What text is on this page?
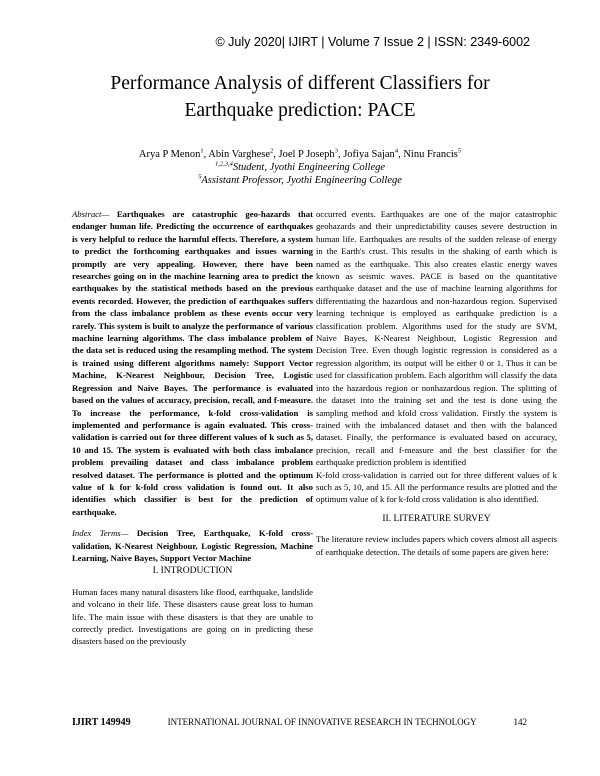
© July 2020| IJIRT | Volume 7 Issue 2 | ISSN: 2349-6002
Performance Analysis of different Classifiers for
Earthquake prediction: PACE
Arya P Menon$^1$, Abin Varghese$^2$, Joel P Joseph$^3$, Jofiya Sajan$^4$, Ninu Francis$^5$
$^{1,2,3,4}$Student, Jyothi Engineering College
$^5$Assistant Professor, Jyothi Engineering College

Abstract— Earthquakes are catastrophic geo-hazards that endanger human life. Predicting the occurrence of earthquakes is very helpful to reduce the harmful effects. Therefore, a system to predict the forthcoming earthquakes and issues warning promptly are very appealing. However, there have been researches going on in the machine learning area to predict the earthquakes by the statistical methods based on the previous events recorded. However, the prediction of earthquakes suffers from the class imbalance problem as these events occur very rarely. This system is built to analyze the performance of various machine learning algorithms. The class imbalance problem of the data set is reduced using the resampling method. The system is trained using different algorithms namely: Support Vector Machine, K-Nearest Neighbour, Decision Tree, Logistic Regression and Naive Bayes. The performance is evaluated based on the values of accuracy, precision, recall, and f-measure. To increase the performance, k-fold cross-validation is implemented and performance is again evaluated. This cross-validation is carried out for three different values of k such as 5, 10 and 15. The system is evaluated with both class imbalance problem prevailing dataset and class imbalance problem resolved dataset. The performance is plotted and the optimum value of k for k-fold cross validation is found out. It also identifies which classifier is best for the prediction of earthquake.

Index Terms— Decision Tree, Earthquake, K-fold cross-validation, K-Nearest Neighbour, Logistic Regression, Machine Learning, Naive Bayes, Support Vector Machine

I. INTRODUCTION

Human faces many natural disasters like flood, earthquake, landslide and volcano in their life. These disasters cause great loss to human life. The main issue with these disasters is that they are unable to correctly predict. Investigations are going on in predicting these disasters based on the previously

occurred events. Earthquakes are one of the major catastrophic geohazards and their unpredictability causes severe destruction in human life. Earthquakes are results of the sudden release of energy in the Earth's crust. This results in the shaking of earth which is named as the earthquake. This also creates elastic energy waves known as seismic waves. PACE is based on the quantitative earthquake dataset and the use of machine learning algorithms for differentiating the hazardous and non-hazardous region. Supervised learning technique is employed as earthquake prediction is a classification problem. Algorithms used for the study are SVM, Naive Bayes, K-Nearest Neighbour, Logistic Regression and Decision Tree. Even though logistic regression is considered as a regression algorithm, its output will be either 0 or 1. Thus it can be used for classification problem. Each algorithm will classify the data into the hazardous region or nonhazardous region. The splitting of the dataset into the training set and the test is done using the sampling method and kfold cross validation. Firstly the system is trained with the imbalanced dataset and then with the balanced dataset. Finally, the performance is evaluated based on accuracy, precision, recall and f-measure and the best classifier for the earthquake prediction problem is identified

K-fold cross-validation is carried out for three different values of k such as 5, 10, and 15. All the performance results are plotted and the optimum value of k for k-fold cross validation is also identified.

II. LITERATURE SURVEY

The literature review includes papers which covers almost all aspects of earthquake detection. The details of some papers are given here:

IJIRT 149949	INTERNATIONAL JOURNAL OF INNOVATIVE RESEARCH IN TECHNOLOGY	142
